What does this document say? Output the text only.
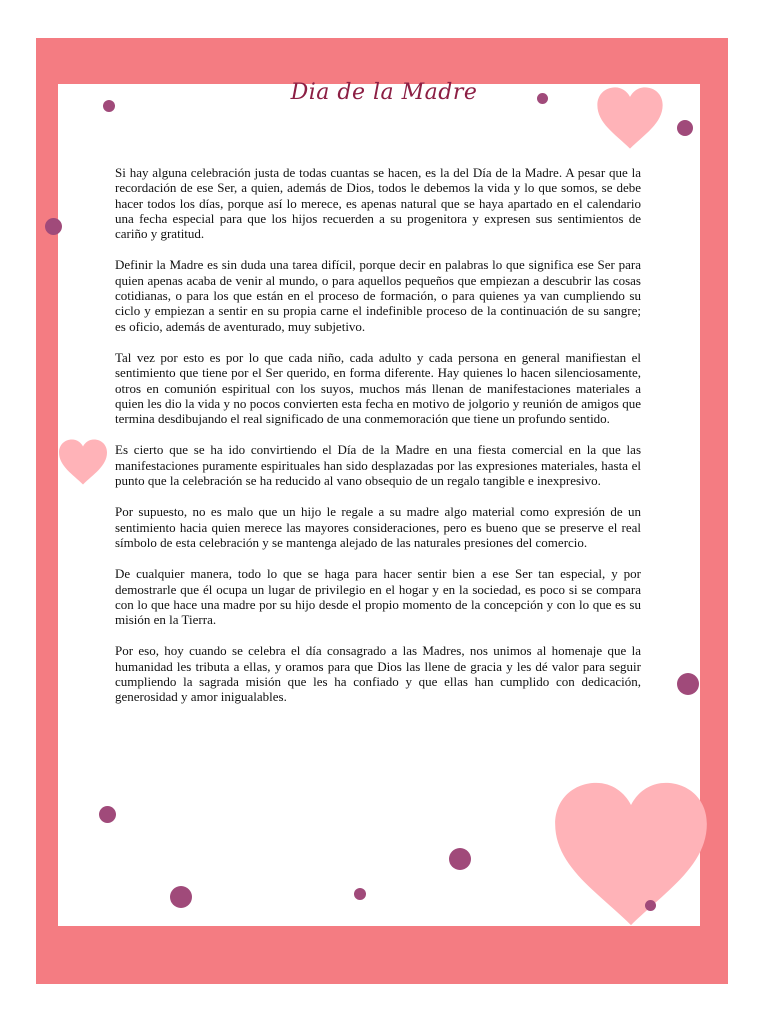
Dia de la Madre

Si hay alguna celebración justa de todas cuantas se hacen, es la del Día de la Madre. A pesar que la recordación de ese Ser, a quien, además de Dios, todos le debemos la vida y lo que somos, se debe hacer todos los días, porque así lo merece, es apenas natural que se haya apartado en el calendario una fecha especial para que los hijos recuerden a su progenitora y expresen sus sentimientos de cariño y gratitud.

Definir la Madre es sin duda una tarea difícil, porque decir en palabras lo que significa ese Ser para quien apenas acaba de venir al mundo, o para aquellos pequeños que empiezan a descubrir las cosas cotidianas, o para los que están en el proceso de formación, o para quienes ya van cumpliendo su ciclo y empiezan a sentir en su propia carne el indefinible proceso de la continuación de su sangre; es oficio, además de aventurado, muy subjetivo.

Tal vez por esto es por lo que cada niño, cada adulto y cada persona en general manifiestan el sentimiento que tiene por el Ser querido, en forma diferente. Hay quienes lo hacen silenciosamente, otros en comunión espiritual con los suyos, muchos más llenan de manifestaciones materiales a quien les dio la vida y no pocos convierten esta fecha en motivo de jolgorio y reunión de amigos que termina desdibujando el real significado de una conmemoración que tiene un profundo sentido.

Es cierto que se ha ido convirtiendo el Día de la Madre en una fiesta comercial en la que las manifestaciones puramente espirituales han sido desplazadas por las expresiones materiales, hasta el punto que la celebración se ha reducido al vano obsequio de un regalo tangible e inexpresivo.

Por supuesto, no es malo que un hijo le regale a su madre algo material como expresión de un sentimiento hacia quien merece las mayores consideraciones, pero es bueno que se preserve el real símbolo de esta celebración y se mantenga alejado de las naturales presiones del comercio.

De cualquier manera, todo lo que se haga para hacer sentir bien a ese Ser tan especial, y por demostrarle que él ocupa un lugar de privilegio en el hogar y en la sociedad, es poco si se compara con lo que hace una madre por su hijo desde el propio momento de la concepción y con lo que es su misión en la Tierra.

Por eso, hoy cuando se celebra el día consagrado a las Madres, nos unimos al homenaje que la humanidad les tributa a ellas, y oramos para que Dios las llene de gracia y les dé valor para seguir cumpliendo la sagrada misión que les ha confiado y que ellas han cumplido con dedicación, generosidad y amor inigualables.
